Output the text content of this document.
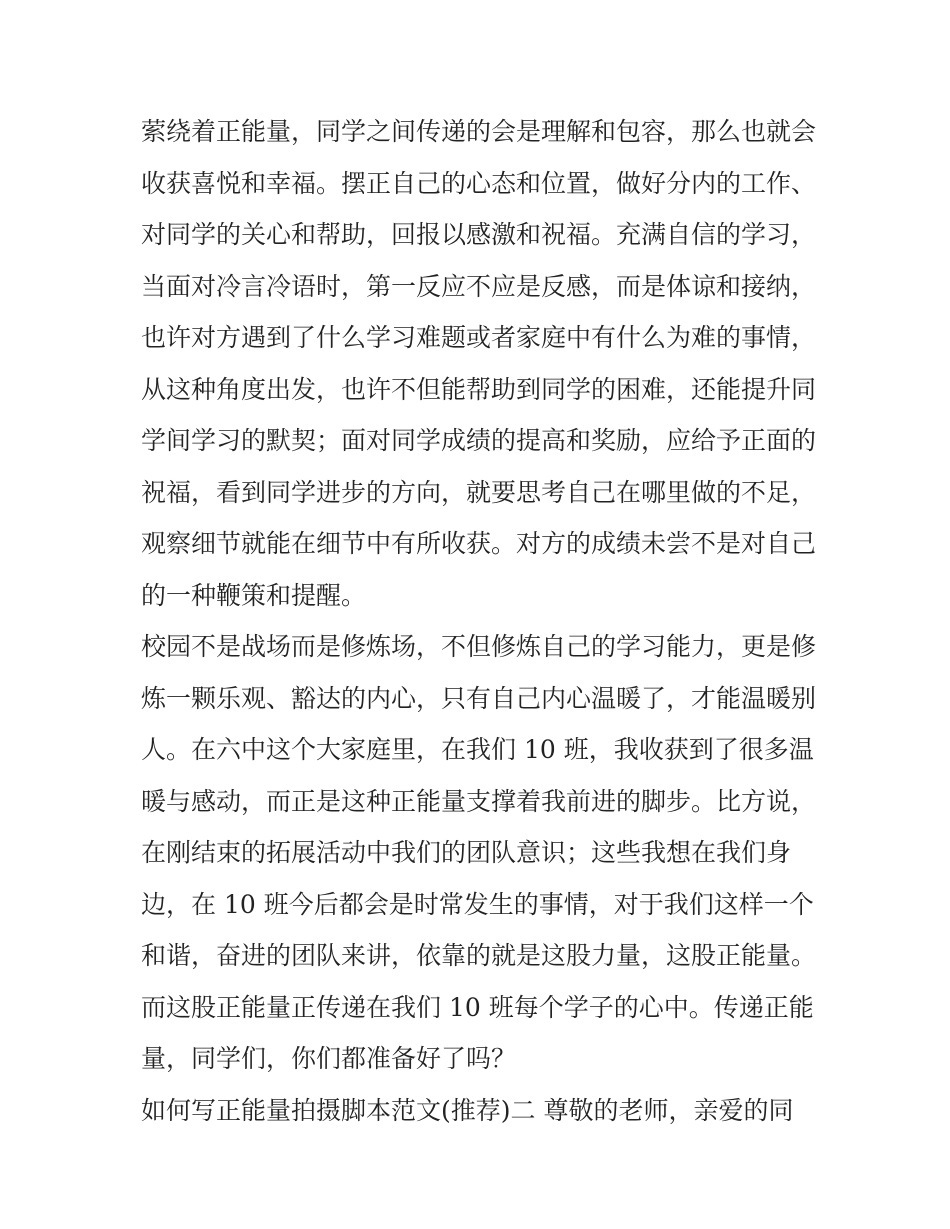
萦绕着正能量，同学之间传递的会是理解和包容，那么也就会
收获喜悦和幸福。摆正自己的心态和位置，做好分内的工作、
对同学的关心和帮助，回报以感激和祝福。充满自信的学习，
当面对冷言冷语时，第一反应不应是反感，而是体谅和接纳，
也许对方遇到了什么学习难题或者家庭中有什么为难的事情，
从这种角度出发，也许不但能帮助到同学的困难，还能提升同
学间学习的默契；面对同学成绩的提高和奖励，应给予正面的
祝福，看到同学进步的方向，就要思考自己在哪里做的不足，
观察细节就能在细节中有所收获。对方的成绩未尝不是对自己
的一种鞭策和提醒。
校园不是战场而是修炼场，不但修炼自己的学习能力，更是修
炼一颗乐观、豁达的内心，只有自己内心温暖了，才能温暖别
人。在六中这个大家庭里，在我们 10 班，我收获到了很多温
暖与感动，而正是这种正能量支撑着我前进的脚步。比方说，
在刚结束的拓展活动中我们的团队意识；这些我想在我们身
边，在 10 班今后都会是时常发生的事情，对于我们这样一个
和谐，奋进的团队来讲，依靠的就是这股力量，这股正能量。
而这股正能量正传递在我们 10 班每个学子的心中。传递正能
量，同学们，你们都准备好了吗？
如何写正能量拍摄脚本范文(推荐)二 尊敬的老师，亲爱的同
